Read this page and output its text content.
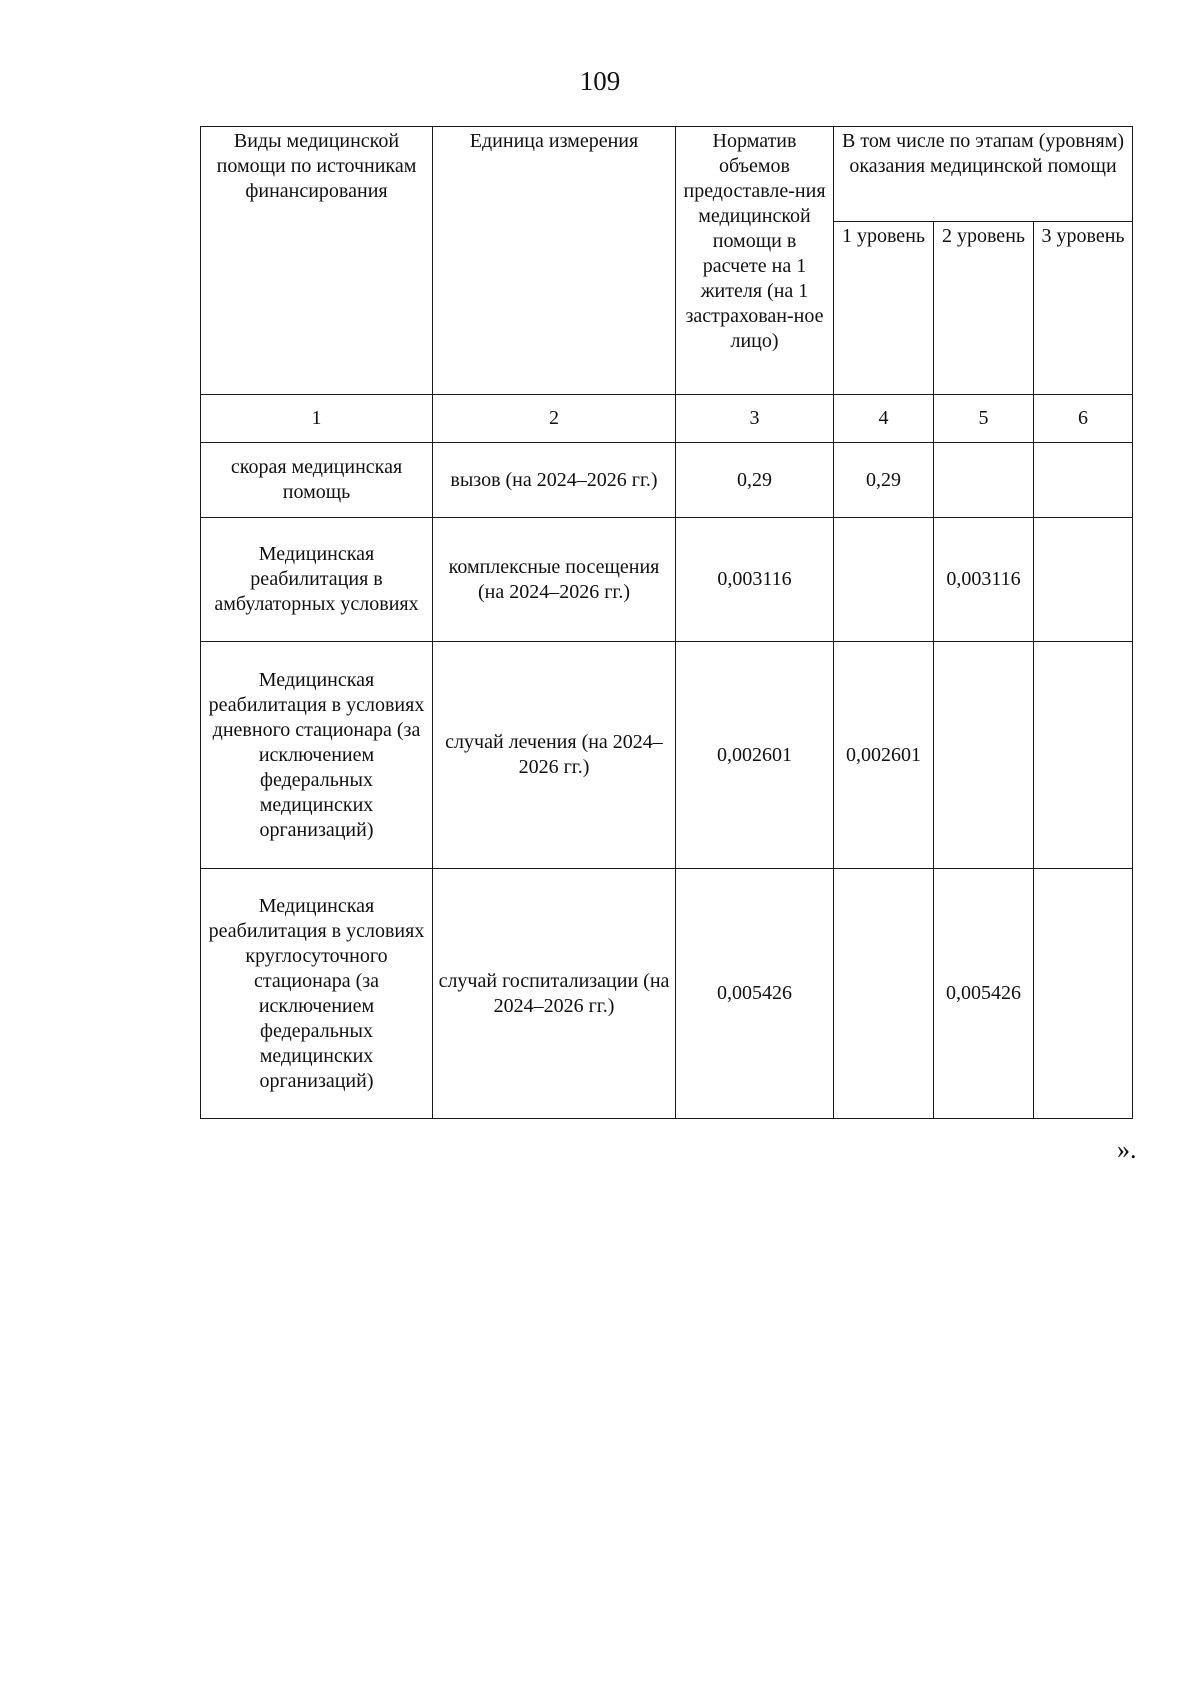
109
Виды медицинской помощи по источникам финансирования	Единица измерения	Норматив объемов предоставле-ния медицинской помощи в расчете на 1 жителя (на 1 застрахован-ное лицо)	В том числе по этапам (уровням) оказания медицинской помощи		
			1 уровень	2 уровень	3 уровень
1	2	3	4	5	6
скорая медицинская помощь	вызов (на 2024–2026 гг.)	0,29	0,29		
Медицинская реабилитация в амбулаторных условиях	комплексные посещения (на 2024–2026 гг.)	0,003116		0,003116	
Медицинская реабилитация в условиях дневного стационара (за исключением федеральных медицинских организаций)	случай лечения (на 2024–2026 гг.)	0,002601	0,002601		
Медицинская реабилитация в условиях круглосуточного стационара (за исключением федеральных медицинских организаций)	случай госпитализации (на 2024–2026 гг.)	0,005426		0,005426	
».
